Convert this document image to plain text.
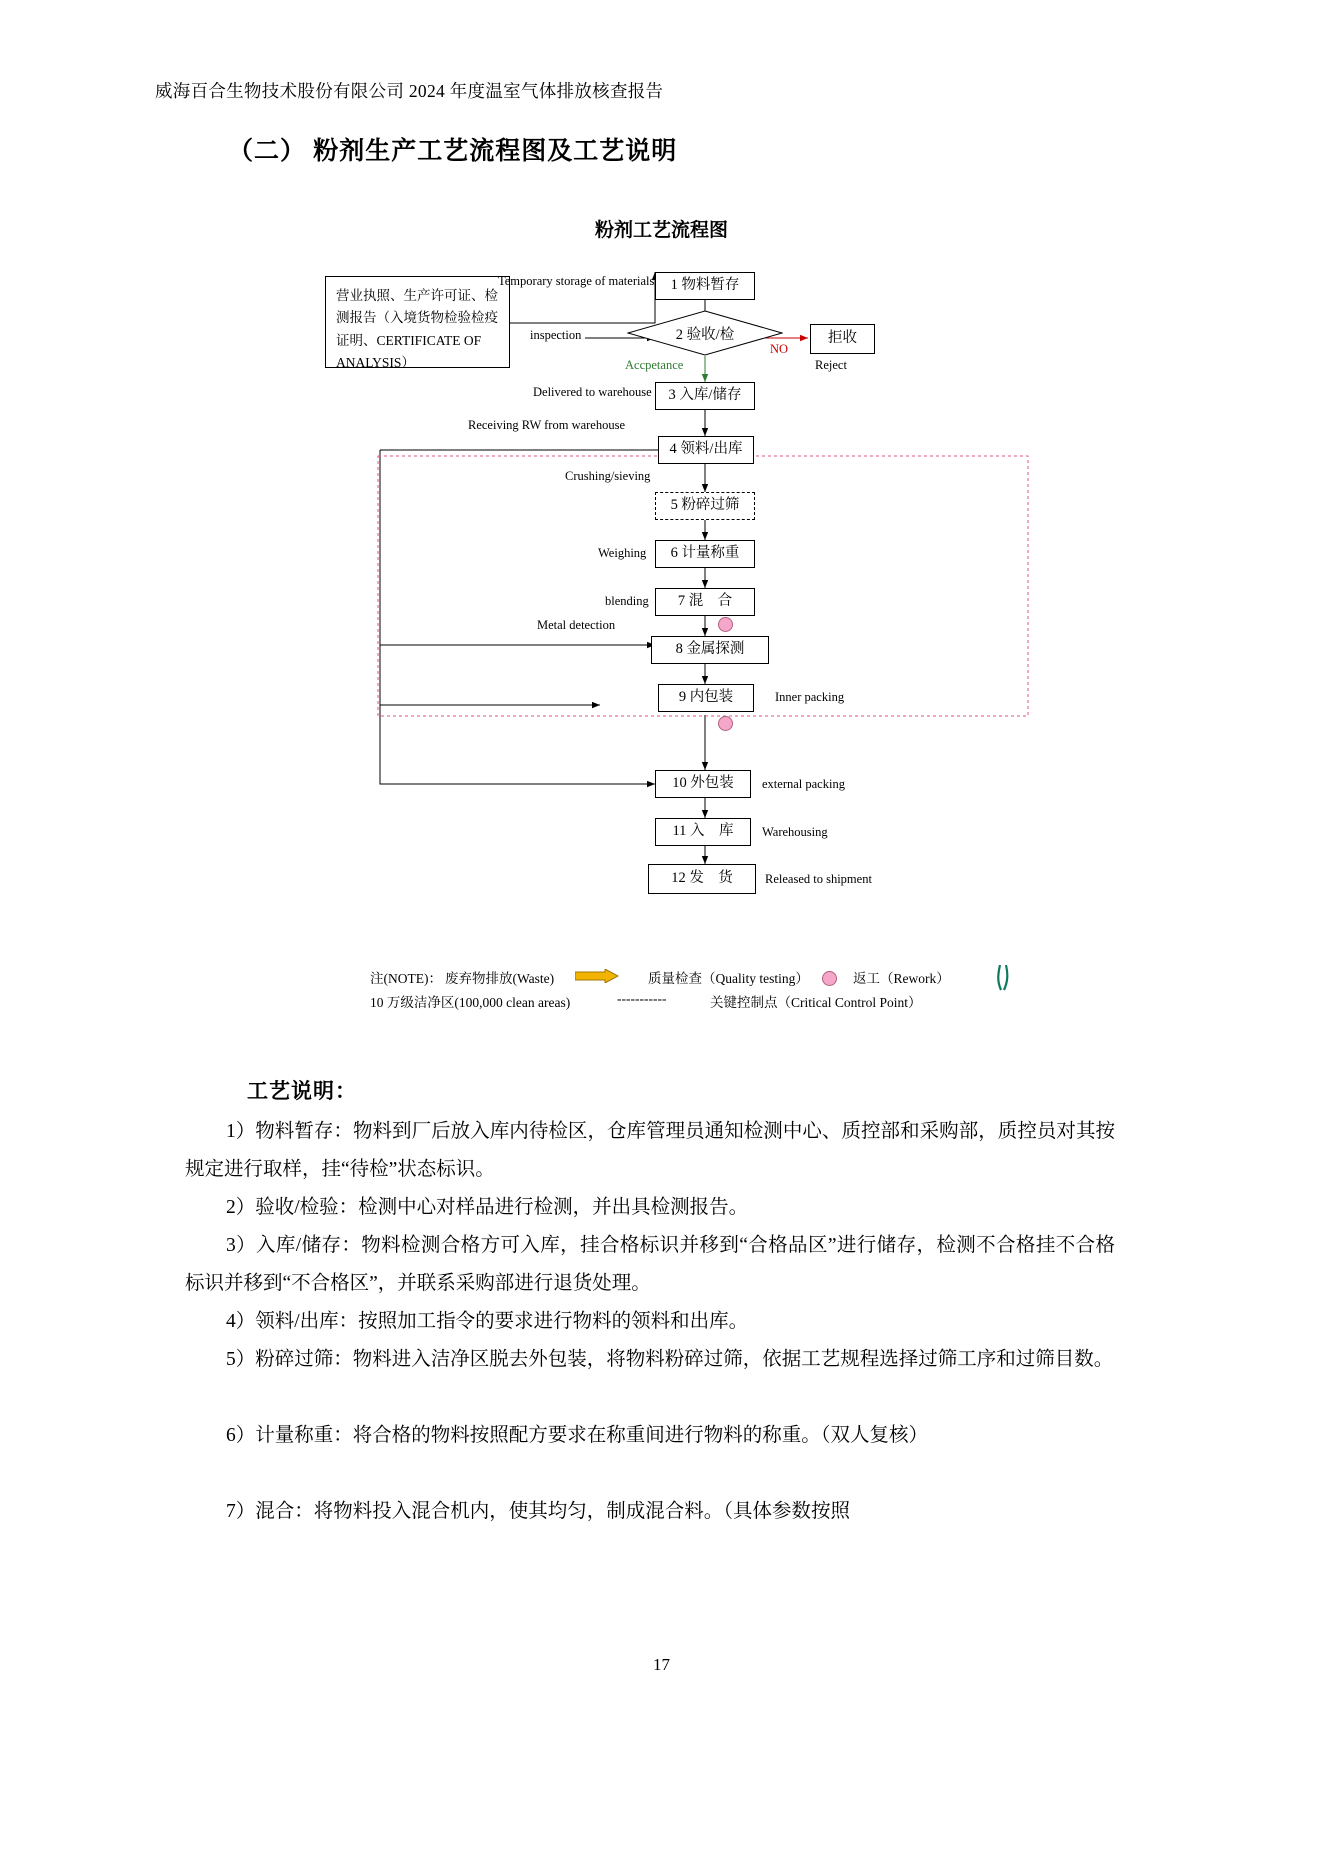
威海百合生物技术股份有限公司 2024 年度温室气体排放核查报告
（二） 粉剂生产工艺流程图及工艺说明
粉剂工艺流程图
营业执照、生产许可证、检测报告（入境货物检验检疫证明、CERTIFICATE OF ANALYSIS）
1 物料暂存
2 验收/检	拒收
3 入库/储存
4 领料/出库
5 粉碎过筛
6 计量称重
7 混　合
8 金属探测
9 内包装
10 外包装
11 入　库
12 发　货
Temporary storage of materials
inspection
Accpetance
NO
Reject
Delivered to warehouse
Receiving RW from warehouse
Crushing/sieving
Weighing
blending
Metal detection
Inner packing
external packing
Warehousing
Released to shipment
注(NOTE)： 废弃物排放(Waste)	质量检查（Quality testing）	返工（Rework）
10 万级洁净区(100,000 clean areas)	-----------	关键控制点（Critical Control Point）
工艺说明：
1）物料暂存：物料到厂后放入库内待检区，仓库管理员通知检测中心、质控部和采购部，质控员对其按规定进行取样，挂“待检”状态标识。
2）验收/检验：检测中心对样品进行检测，并出具检测报告。
3）入库/储存：物料检测合格方可入库，挂合格标识并移到“合格品区”进行储存，检测不合格挂不合格标识并移到“不合格区”，并联系采购部进行退货处理。
4）领料/出库：按照加工指令的要求进行物料的领料和出库。
5）粉碎过筛：物料进入洁净区脱去外包装，将物料粉碎过筛，依据工艺规程选择过筛工序和过筛目数。
6）计量称重：将合格的物料按照配方要求在称重间进行物料的称重。（双人复核）
7）混合：将物料投入混合机内，使其均匀，制成混合料。（具体参数按照
17
